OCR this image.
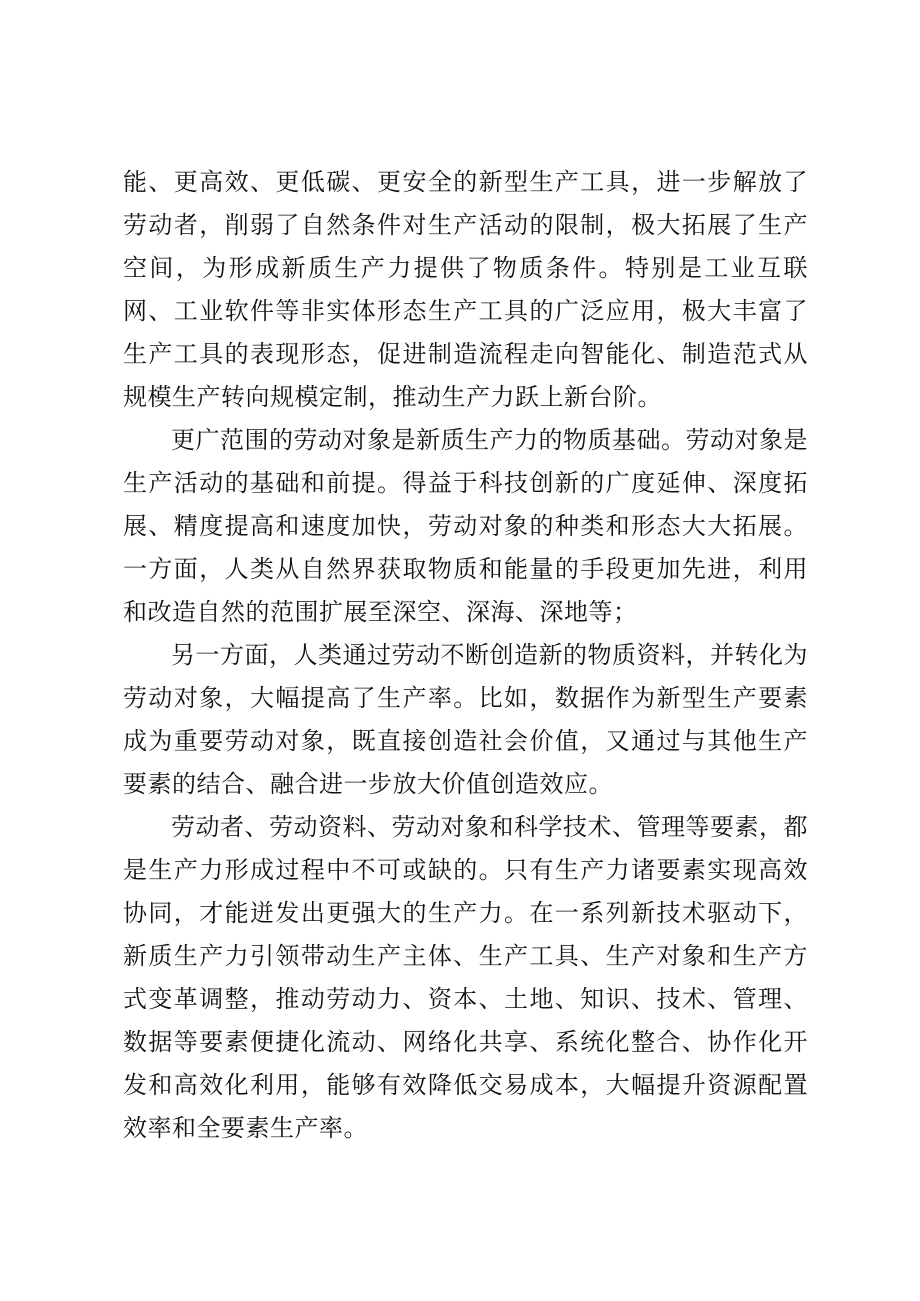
能、更高效、更低碳、更安全的新型生产工具，进一步解放了劳动者，削弱了自然条件对生产活动的限制，极大拓展了生产空间，为形成新质生产力提供了物质条件。特别是工业互联网、工业软件等非实体形态生产工具的广泛应用，极大丰富了生产工具的表现形态，促进制造流程走向智能化、制造范式从规模生产转向规模定制，推动生产力跃上新台阶。

更广范围的劳动对象是新质生产力的物质基础。劳动对象是生产活动的基础和前提。得益于科技创新的广度延伸、深度拓展、精度提高和速度加快，劳动对象的种类和形态大大拓展。一方面，人类从自然界获取物质和能量的手段更加先进，利用和改造自然的范围扩展至深空、深海、深地等；

另一方面，人类通过劳动不断创造新的物质资料，并转化为劳动对象，大幅提高了生产率。比如，数据作为新型生产要素成为重要劳动对象，既直接创造社会价值，又通过与其他生产要素的结合、融合进一步放大价值创造效应。

劳动者、劳动资料、劳动对象和科学技术、管理等要素，都是生产力形成过程中不可或缺的。只有生产力诸要素实现高效协同，才能迸发出更强大的生产力。在一系列新技术驱动下，新质生产力引领带动生产主体、生产工具、生产对象和生产方式变革调整，推动劳动力、资本、土地、知识、技术、管理、数据等要素便捷化流动、网络化共享、系统化整合、协作化开发和高效化利用，能够有效降低交易成本，大幅提升资源配置效率和全要素生产率。
